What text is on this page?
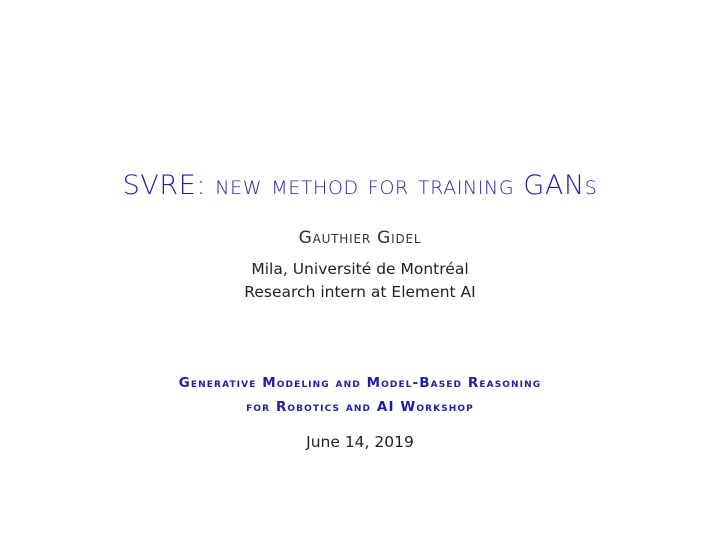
SVRE: new method for training GANs
Gauthier Gidel
Mila, Université de Montréal
Research intern at Element AI
Generative Modeling and Model-Based Reasoning
for Robotics and AI Workshop
June 14, 2019
